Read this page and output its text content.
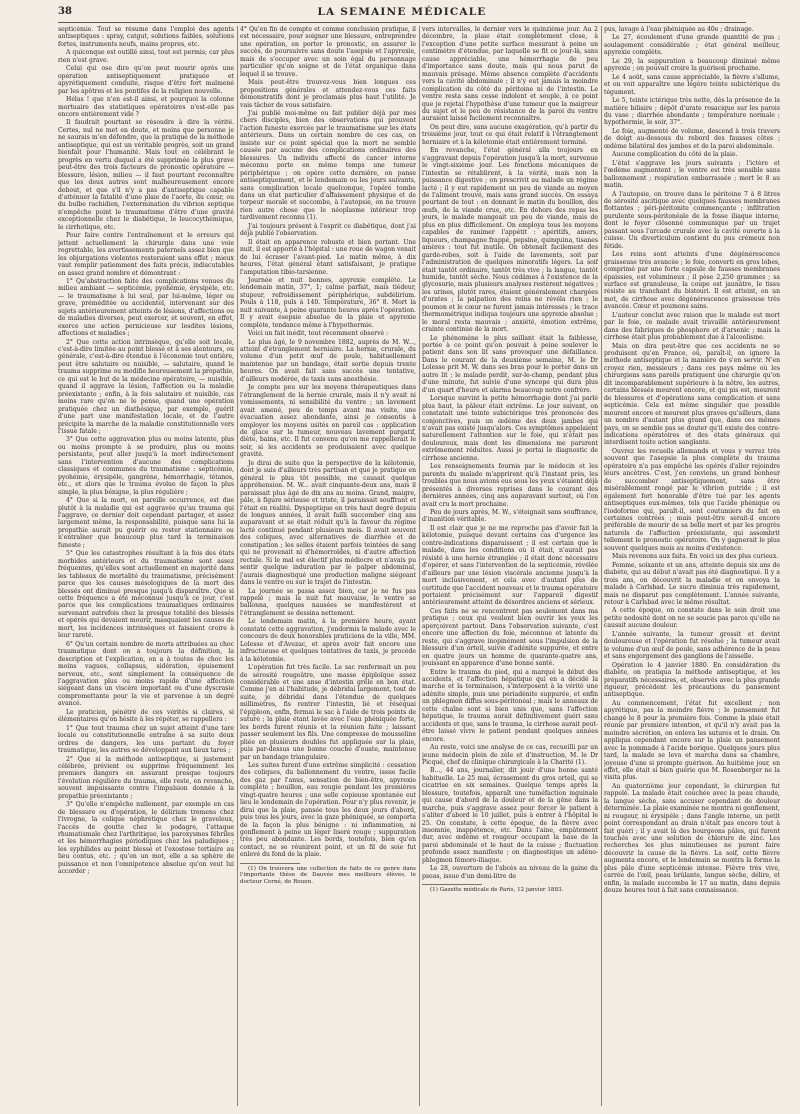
38	LA SEMAINE MÉDICALE

septicémie. Tout se résume dans l'emploi des agents antiseptiques : spray, catgut, solutions faibles, solutions fortes, instruments neufs, mains propres, etc.

A quiconque est outillé ainsi, tout est permis; car plus rien n'est grave.

Celui qui ose dire qu'on peut mourir après une opération antiseptiquement pratiquée et apyrétiquement conduite, risque d'être fort malmené par les apôtres et les pontifes de la religion nouvelle.

Hélas ! que n'en est-il ainsi, et pourquoi la colonne mortuaire des statistiques opératoires n'est-elle pas encore entièrement vide ?

Il faudrait pourtant se résoudre à dire la vérité. Certes, nul ne met en doute, et moins que personne je ne saurais m'en défendre, que la pratique de la méthode antiseptique, qui est un véritable progrès, soit un grand bienfait pour l'humanité. Mais tout en célébrant le progrès en vertu duquel a été supprimée la plus grave peut-être des trois facteurs de pronostic opératoire — blessure, lésion, milieu — il faut pourtant reconnaître que les deux autres sont malheureusement encore debout, et que s'il n'y a pas d'antiseptique capable d'atténuer la fatalité d'une plaie de l'aorte, du cœur, ou du bulbe rachidien, l'extermination du vibrion septique n'empêche point le traumatisme d'être d'une gravité exceptionnelle chez le diabétique, le leucocythémique, le cirrhotique, etc.

Pour faire contre l'entraînement et le erreurs qui jettent actuellement la chirurgie dans une voie regrettable, les avertissements paternels assez bien que les objurgations violentes resteraient sans effet ; mieux vaut remplir patiemment des faits précis, indiscutables en assez grand nombre et démontrant :

1° Qu'abstraction faite des complications venues du milieu ambiant — septicémie, pyohémie, érysipèle, etc. — le traumatisme à lui seul, par lui-même, léger ou grave, préméditée ou accidentel, intervenant sur des sujets antérieurement atteints de lésions, d'affections ou de maladies diverses, peut exercer, et souvent, en effet, exerce une action pernicieuse sur lesdites lésions, affections et maladies ;

2° Que cette action intrinsèque, qu'elle soit locale, c'est-à-dire limitée au point blessé et à ses alentours, ou générale, c'est-à-dire étendue à l'économie tout entière, peut être salutaire ou nuisible, — salutaire, quand le trauma supprime ou modifie heureusement la propathie, ce qui est le but de la médecine opératoire, — nuisible, quand il aggrave la lésion, l'affection ou la maladie préexistante ; enfin, à la fois salutaire et nuisible, cas moins rare qu'on ne le pense, quand une opération pratiquée chez un diathésique, par exemple, guérit d'une part une manifestation locale, et de l'autre précipite la marche de la maladie constitutionnelle vers l'issue fatale ;

3° Que cette aggravation plus ou moins latente, plus ou moins prompte à se produire, plus ou moins persistante, peut aller jusqu'à la mort indirectement sans l'intervention d'aucune des complications classiques et communes du traumatisme : septicémie, pyohémie, érysipèle, gangrène, hémorrhagie, tétanos, etc., et alors que le trauma évolue de façon la plus simple, la plus bénigne, la plus régulière ;

4° Que si la mort, en pareille occurrence, est due plutôt à la maladie qui est aggravée qu'au trauma qui l'aggrave, ce dernier doit cependant partager, et assez largement même, la responsabilité, puisque sans lui la propathie aurait pu guérir ou rester stationnaire ou n'entraîner que beaucoup plus tard la terminaison funeste ;

5° Que les catastrophes résultant à la fois des états morbides antérieurs et du traumatisme sont assez fréquentes, qu'elles sont actuellement en majorité dans les tableaux de mortalité du traumatisme, précisément parce que les causes mésologiques de la mort des blessés ont diminué presque jusqu'à disparaître. Que si cette fréquence a été méconnue jusqu'à ce jour, c'est parce que les complications traumatiques ordinaires survenant autrefois chez la presque totalité des blessés et opérés qui devaient mourir, masquaient les causes de mort, les incidences intrinsèques et faisaient croire à leur rareté.

6° Qu'un certain nombre de morts attribuées au choc traumatique dont on a toujours la définition, la description et l'explication, on a à toutes de choc les moins vagues, collapsus, sidération, épuisement nerveux, etc., sont simplement la conséquence de l'aggravation plus ou moins rapide d'une affection siégeant dans un viscère important ou d'une dyscrasie compromettante pour la vie et parvenue à un degré avancé.

Le praticien, pénétré de ces vérités si claires, si élémentaires qu'on hésite à les répéter, se rappellera :

1° Que tout trauma chez un sujet atteint d'une tare locale ou constitutionnelle entraîne à sa suite deux ordres de dangers, les uns partant du foyer traumatique, les autres se développant aux lieux tares ;

2° Que si la méthode antiseptique, si justement célébrée, prévient ou supprime fréquemment les premiers dangers en assurant presque toujours l'évolution régulière du trauma, elle reste, en revanche, souvent impuissante contre l'impulsion donnée à la propathie préexistante ;

3° Qu'elle n'empêche nullement, par exemple en cas de blessure ou d'opération, le délirium tremens chez l'ivrogne, la colique néphrétique chez le graveleux, l'accès de goutte chez le podagre, l'attaque rhumatismale chez l'arthritique, les paroxysmes fébriles et les hémorrhagies périodiques chez les paludiques ; les syphilides au point blessé et l'exostose tertiaire au lieu contus, etc. ; qu'en un mot, elle a sa sphère de puissance et non l'omnipotence absolue qu'on veut lui accorder ;

4° Qu'en fin de compte et comme conclusion pratique, il est nécessaire, pour soigner une blessure, entreprendre une opération, en porter le pronostic, en assurer le succès, de poursuivre sans doute l'asepsie et l'apyrexie, mais de s'occuper avec un soin égal du personnage particulier qu'on soigne et de l'état organique dans lequel il se trouve.

Mais peut-être trouvez-vous bien longues ces propositions générales et attendez-vous ces faits démonstratifs dont je proclamais plus haut l'utilité. Je vais tâcher de vous satisfaire.

J'ai publié moi-même ou fait publier déjà par mes chers disciples, bien des observations qui prouvent l'action funeste exercée par le traumatisme sur les états antérieurs. Dans un certain nombre de ces cas, on insiste sur ce point spécial que la mort ne semble causée par aucune des complications ordinaires des blessures. Un individu affecté de cancer interne méconnu porte en même temps une tumeur périphérique ; on opère cette dernière, on panse antiseptiquement, et le lendemain ou les jours suivants, sans complication locale quelconque, l'opéré tombe dans un état particulier d'affaissement physique et de torpeur morale et succombe, à l'autopsie, on ne trouve rien autre chose que le néoplasme intérieur trop tardivement reconnu (1).

J'ai toujours présent à l'esprit ce diabétique, dont j'ai déjà publié l'observation.

Il était en apparence robuste et bien portant. Une nuit, il est apporté à l'hôpital : une roue de wagon venait de lui écraser l'avant-pied. Le matin même, à dix heures, l'état général étant satisfaisant, je pratique l'amputation tibio-tarsienne.

Journée et nuit bonnes, apyrexie complète. Le lendemain matin, 37°, 1; calme parfait, mais tiédeur, stupeur, refroidissement périphérique, subdélirium. Pouls à 118, puls à 140. Température, 36° 8. Mort la nuit suivante, à peine quarante heures après l'opération. Il y avait ésepsie absolue de la plaie et apyrexie complète, tendance même à l'hypothermie.

Voici un fait inédit, tout récemment observé :

Le plus âgé, le 9 novembre 1882, auprès de M. W..., atteint d'étranglement herniaire. La hernie, crurale, du volume d'un petit œuf de poule, habituellement maintenue par un bandage, était sortie depuis trente heures. On avait fait sans succès une tentative, d'ailleurs modérée, de taxis sans anesthésie.

Je compte peu sur les moyens thérapeutiques dans l'étranglement de la hernie crurale, mais il n'y avait ni vomissements, ni sensibilité du ventre ; un lavement avait amené, peu de temps avant ma visite, une évacuation assez abondante, ainsi je consentis à employer les moyens usités en pareil cas : application de glace sur la tumeur, nouveau lavement purgatif, diète, bains, etc. Il fut convenu qu'on me rappellerait le soir, si les accidents se produisaient avec quelque gravité.

Je dirai de suite que la perspective de la kélotomie, dont je suis d'ailleurs très partisan et que je pratique en général le plus tôt possible, me causait quelque appréhension. M. W... avait cinquante-deux ans, mais il paraissait plus âgé de dix ans au moins. Grand, maigre, pâle, à figure sérieuse et triste, il paraissait souffrant et l'était en réalité. Dyspeptique en très haut degré depuis de longues années, il avait failli succomber cinq ans auparavant et se était réduit qu'à la faveur du régime lacté continué pendant plusieurs mois. Il avait souvent des coliques, avec alternatives de diarrhée et de constipation ; les selles étaient parfois teintées de sang qui ne provenait ni d'hémorroïdes, ni d'autre affection rectale. Si le mal est électif plus médiocre et n'avais pu sentir quelque induration par le palper abdominal, j'aurais diagnostiqué une production maligne siégeant dans le ventre ou sur le trajet de l'intestin.

La journée se passa assez bien, car je ne fus pas rappelé ; mais la nuit fut mauvaise, le ventre se ballonna, quelques nausées se manifestèrent et l'étranglement se dessina nettement.

Le lendemain matin, à la première heure, ayant constaté cette aggravation, j'endormis le malade avec le concours de deux honorables praticiens de la ville, MM. Lolesse et d'Avezac, et après avoir fait encore une infructueuse et quelques tentatives de taxis, je procède à la kélotomie.

L'opération fut très facile. Le sac renfermait un peu de sérosité rougeâtre, une masse épiploïque assez considérable et une anse d'intestin grêle en bon état. Comme j'en ai l'habitude, je débridai largement, tout de suite, je débridai dans l'étendue de quelques millimètres, fis rentrer l'intestin, lié et réséquai l'épiploon, enfin, fermai le sac à l'aide de trois points de suture ; la plaie étant lavée avec l'eau phéniquée forte, les bords furent réunis et la réunion faite ; laissant passer seulement les fils. Une compresse de mousseline pliée en plusieurs doubles fut appliquée sur la plaie, puis par-dessus une bonne couche d'ouate, maintenue par un bandage triangulaire.

Les suites furent d'une extrême simplicité : cessation des coliques, du ballonnement du ventre, issue facile des gaz par l'anus, sensation de bien-être, apyrexie complète ; bouillon, eau rougie pendant les premières vingt-quatre heures ; une selle copieuse spontanée eut lieu le lendemain de l'opération. Pour n'y plus revenir, je dirai que la plaie, pansée tous les deux jours d'abord, puis tous les jours, avec la gaze phéniquée, se comporta de la façon la plus bénigne : ni inflammation, ni gonflement à peine un léger liseré rouge ; suppuration très peu abondante. Les bords, toutefois, bien qu'en contact, ne se réunirent point, et un fil de soie fut enlevé du fond de la plaie.

(1) On trouvera une collection de faits de ce genre dans l'importante thèse de Dauvée mes meilleurs élèves, le docteur Cerné, de Rouen.

vers intervalles, le dernier vers le quinzième jour. Au 2 décembre, la plaie était complètement close, à l'exception d'une petite surface mesurant à peine un centimètre d'étendue, par laquelle se fit ce jour-là, sans cause appréciable, une hémorrhagie de peu d'importance sans doute, mais qui nous parut de mauvais présage. Même absence complète d'accidents vers la cavité abdominale ; il n'y eut jamais la moindre complication du côté du péritoine ni de l'intestin. Le ventre resta sans cesse indolent et souple, à ce point que je rejetai l'hypothèse d'une tumeur que la maigreur du sujet et le peu de résistance de la paroi du ventre auraient laissé facilement reconnaître.

On peut dire, sans aucune exagération, qu'à partir du troisième jour, tout ce qui était relatif à l'étranglement herniaire et à la kélotomie était entièrement terminé.

En revanche, l'état général alla toujours en s'aggravant depuis l'opération jusqu'à la mort, survenue le vingt-sixième jour. Les fonctions mécaniques de l'intestin se rétablirent, à la vérité, mais non la puissance digestive ; on prescrivit au malade un régime lacté ; il y eut rapidement un peu de viande au moyen de l'aliment trouvé, mais sans grand succès. On essaya pourtant de tout : en donnant le matin du bouillon, des œufs, de la viande crue, etc. En dehors des repas les jours, le malade mangeait un peu de viande, mais de plus en plus difficilement. On employa tous les moyens capables de ranimer l'appétit : apéritifs, amers, liqueurs, champagne frappé, pepsine, quinquina, tisanes amères : tout fut inutile. On obtenait facilement des garde-robes, soit à l'aide de lavements, soit par l'administration de quelques minoratifs légers. La soif était tantôt ordinaire, tantôt très vive ; la langue, tantôt humide, tantôt sèche. Nous cédâmes à l'existence de la glycosurie, mais plusieurs analyses restèrent négatives ; les urines, plutôt rares, étaient généralement chargées d'urates ; la palpation des reins ne révéla rien ; le poumon et le cœur ne furent jamais intéressés ; le trace thermométrique indiqua toujours une apyrexie absolue ; le moral resta mauvais ; anxiété, émotion extrême, crainte continue de la mort.

Le phénomène le plus saillant était la faiblesse, portée à ce point qu'on pouvait à peine soulever le patient dans son lit sans provoquer une défaillance. Dans le courant de la deuxième semaine, M. le Dr Lolesse prit M. W. dans ses bras pour le porter dans un autre lit ; le malade perdit, sur-le-champ, pendant plus d'une minute, fut suivie d'une syncope qui dura plus d'un quart d'heure et alarma beaucoup notre confrère.

Lorsque survint la petite hémorrhagie dont j'ai parlé plus haut, la pâleur était extrême. Le jour suivant, on constatait une teinte subictérique très prononcée des conjonctives, puis un œdème des deux jambes qui n'avait pas existé jusqu'alors. Ces symptômes appelaient naturellement l'attention sur le foie, qui n'était pas douloureux, mais dont les dimensions me parurent extrêmement réduites. Aussi je portai le diagnostic de cirrhose ancienne.

Les renseignements fournis par le médecin et les parents du malade m'apprirent qu'à l'instant près, les troubles que nous avions eus sous les yeux s'étaient déjà présentés à diverses reprises dans le courant des dernières années, cinq ans auparavant surtout, où l'on avait cru la mort prochaine.

Peu de jours après, M. W., s'éteignait sans souffrance, d'inanition véritable.

Il est clair que je ne me reproche pas d'avoir fait la kélotomie, puisque devant certains cas d'urgence les contre-indications disparaissent ; il est certain que le malade, dans les conditions où il était, n'aurait pas résisté à une hernie étranglée ; il était donc nécessaire d'opérer, et sans l'intervention de la septicémie, révélée d'ailleurs par une lésion viscérale ancienne jusqu'à la mort inclusivement, et cela avec d'autant plus de certitude que l'accident nouveau et le trauma opératoire portaient précisément sur l'appareil digestif antérieurement atteint de désordres anciens et sérieux.

Ces faits ne se rencontrent pas seulement dans ma pratique ; ceux qui veulent bien ouvrir les yeux les aperçoivent partout. Dans l'observation suivante, c'est encore une affection du foie, méconnue et latente du reste, qui s'aggrave inopinément sous l'impulsion de la blessure d'un orteil, suivie d'adénite suppurée, et entre en quatre jours un homme de quarante-quatre ans, jouissant en apparence d'une bonne santé.

Entre le trauma du pied, qui a marqué le début des accidents, et l'affection hépatique qui en a décidé la marche et la terminaison, s'interposent à la vérité une adénite simple, puis une périadénite suppurée, et enfin un phlegmon diffus sous-péritonéal ; mais le anneaux de cette chaîne sont si bien unis que, sans l'affection hépatique, le trauma aurait définitivement guéri sans accidents et que, sans le trauma, la cirrhose aurait peut-être laissé vivre le patient pendant quelques années encore.

Au reste, voici une analyse de ce cas, recueilli par un jeune médecin plein de zèle et d'instruction, M. le Dr Picqué, chef de clinique chirurgicale à la Charité (1).

B..., 44 ans, journalier, dit jouir d'une bonne santé habituelle. Le 25 mai, écrasement du gros orteil, qui se cicatrise en six semaines. Quelque temps après la blessure, toutefois, apparaît une tuméfaction inguinale qui cause d'abord de la douleur et de la gêne dans la marche, puis s'aggrave assez pour forcer le patient à s'aliter d'abord le 10 juillet, puis à entrer à l'hôpital le 25. On constate, à cette époque, de la fièvre avec insomnie, inappétence, etc. Dans l'aine, empâtement dur, avec œdème et rougeur occupant la base de la paroi abdominale et le haut de la cuisse ; fluctuation profonde assez manifeste ; on diagnostique un adéno-phlegmon fémoro-iliaque.

Le 28, ouverture de l'abcès au niveau de la gaine du psoas, issue d'un demi-litre de

(1) Gazette médicale de Paris, 12 janvier 1883.

pus, lavage à l'eau phéniquée au 40e ; drainage.

Le 27, écoulement d'une grande quantité de pus ; soulagement considérable ; état général meilleur, apyrexie complète.

Le 29, la suppuration a beaucoup diminué même apyrexie ; on pouvait croire la guérison prochaine.

Le 4 août, sans cause appréciable, la fièvre s'allume, et on voit apparaître une légère teinte subictérique du tégument.

Le 5, teinte ictérique très nette, dès la présence de la matière biliaire ; dépôt d'urate rosacique sur les parois du vase ; diarrhée abondante ; température normale ; hypothermie, le soir, 37°.

Le foie, augmenté de volume, descend à trois travers de doigt au-dessous du rebord des fausses côtes ; œdème bilatéral des jambes et de la paroi abdominale.

Aucune complication du côté de la plaie.

L'état s'aggrave les jours suivants ; l'ictère et l'œdème augmentent ; le ventre est très sensible sans ballonnement ; respiration embarrassée ; mort le 8 au matin.

A l'autopsie, on trouve dans le péritoine 7 à 8 litres de sérosité ascitique avec quelques fausses membranes flottantes ; péri-péritonite commençante ; infiltration purulente sous-péritonéale de la fosse iliaque interne, dont le foyer clôsonné communique par un trajet passant sous l'arcade crurale avec la cavité ouverte à la cuisse. Un diverticulum contient du pus crémeux non fétide.

Les reins sont atteints d'une dégénérescence graisseuse très avancée ; le foie, converti en gros lobes, comprimé par une forte capsule de fausses membranes épaissies, est volumineux ; il pèse 2,250 grammes ; sa surface est granuleuse, la coupe est jaunâtre, le tissu résiste au tranchant du bistouri. Il est atteint, en un mot, de cirrhose avec dégénérescence graisseuse très avancée. Cœur et poumons sains.

L'auteur conclut avec raison que le malade est mort par le foie, ce malade avait travaillé antérieurement dans des fabriques de phosphore et d'arsenic ; mais la cirrhose était plus probablement due à l'alcoolisme.

Mais on dira peut-être que ces accidents ne se produisent qu'en France, où, paraît-il, on ignore la méthode antiseptique et la manière de s'en servir. N'en croyez rien, messieurs ; dans ces pays même où les chirurgiens sans pareils pratiquent une chirurgie qu'on dit incomparablement supérieure à la nôtre, les autres, certains blessés meurent encore, et qui pis est, meurent de blessures et d'opérations sans complication et sans septicémie. Cela est même singulier que possible meurent encore et meurent plus graves qu'ailleurs, dans un nombre d'autant plus grand que, dans ces mêmes pays, on se semble pas se douter qu'il existe des contre-indications opératoires et des états généraux qui interdisent toute action sanglante.

Ouvrez les recueils allemands et vous y verrez très souvent que l'asepsie la plus complète du trauma opératoire n'a pas empêché les opérés d'aller rejoindre leurs ancêtres. C'est, j'en conviens, un grand bonheur de succomber antiseptiquement, sans être misérablement rongé par le vibrion putride ; il est également fort honorable d'être tué par les agents antiseptiques eux-mêmes, tels que l'acide phénique ou l'iodoforme qui, paraît-il, sont coutumiers du fait en certaines contrées ; mais peut-être serait-il encore préférable de mourir de sa belle mort et par les progrès naturels de l'affection préexistante, qui assombrit tellement le pronostic opératoire. On y gagnerait le plus souvent quelques mois au moins d'existence.

Mais revenons aux faits. En voici un des plus curieux.

Femme, soixante et un ans, atteinte depuis six ans de diabète, qui au début n'avait pas été diagnostiqué. Il y a trois ans, on découvrit la maladie et on envoya la malade à Carlsbad. Le sucre diminua très rapidement, mais ne disparut pas complètement. L'année suivante, retour à Carlsbad avec le même résultat.

A cette époque, on constate dans le sein droit une petite nodosité dont on ne se soucie pas parce qu'elle ne causait aucune douleur.

L'année suivante, la tumeur grossit et devint douloureuse et l'opération fut résolue ; la tumeur avait le volume d'un œuf de poule, sans adhérence de la peau et sans engorgement des ganglions de l'aisselle.

Opération le 4 janvier 1880. En considération du diabète, on pratiqua la méthode antiseptique, et les préparatifs nécessaires, et, observés avec la plus grande rigueur, précèdent les précautions du pansement antiseptique.

Au commencement, l'état fut excellent ; non apyrétique, pas la moindre fièvre ; le pansement fut changé le 8 pour la première fois. Comme la plaie était réunie par première intention, et qu'il n'y avait pas la moindre sécrétion, on enleva les sutures et le drain. On appliqua cependant encore sur la plaie un pansement avec la pommade à l'acide borique. Quelques jours plus tard, la malade se leva et marcha dans sa chambre, joyeuse d'une si prompte guérison. Au huitième jour, en effet, elle était si bien guérie que M. Rosenberger ne la visita plus.

Au quatorzième jour cependant, le chirurgien fut rappelé. La malade était couchée avec la peau chaude, la langue sèche, sans accuser cependant de douleur déterminée. La plaie examinée ne montra ni gonflement, ni rougeur, ni érysipèle ; dans l'angle interne, un petit point correspondant au drain n'était pas encore tout à fait guéri ; il y avait là des bourgeons pâles, qui furent touchés avec une solution de chlorure de zinc. Les recherches les plus minutieuses ne purent faire découvrir la cause de la fièvre. La soif, cette fièvre augmenta encore, et le lendemain se montra la forme la plus pâle d'une septicémie intense. Fièvre très vive, carrée de l'œil, peau brûlante, langue sèche, délire, et enfin, la malade succomba le 17 au matin, dans depuis douze heures tout à fait sans connaissance.
